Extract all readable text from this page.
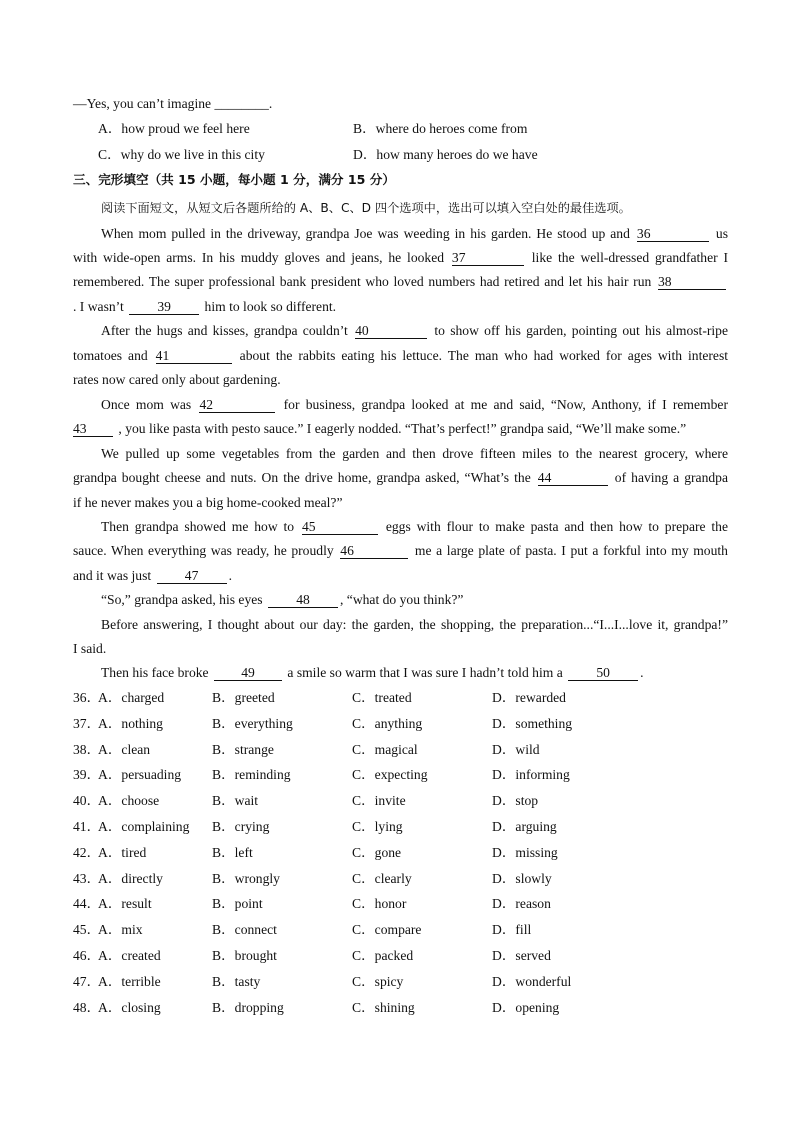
—Yes, you can’t imagine ________.
A．how proud we feel here	B．where do heroes come from
C．why do we live in this city	D．how many heroes do we have
三、完形填空（共 15 小题，每小题 1 分，满分 15 分）
阅读下面短文，从短文后各题所给的 A、B、C、D 四个选项中，选出可以填入空白处的最佳选项。
When mom pulled in the driveway, grandpa Joe was weeding in his garden. He stood up and 36	us
with wide-open arms. In his muddy gloves and jeans, he looked 37	like the well-dressed grandfather I
remembered. The super professional bank president who loved numbers had retired and let his hair run 38
. I wasn’t 39 him to look so different.
After the hugs and kisses, grandpa couldn’t 40	to show off his garden, pointing out his almost-ripe
tomatoes and 41	about the rabbits eating his lettuce. The man who had worked for ages with interest
rates now cared only about gardening.
Once mom was 42	for business, grandpa looked at me and said, “Now, Anthony, if I remember
43 , you like pasta with pesto sauce.” I eagerly nodded. “That’s perfect!” grandpa said, “We’ll make some.”
We pulled up some vegetables from the garden and then drove fifteen miles to the nearest grocery, where
grandpa bought cheese and nuts. On the drive home, grandpa asked, “What’s the 44	of having a grandpa
if he never makes you a big home-cooked meal?”
Then grandpa showed me how to 45	eggs with flour to make pasta and then how to prepare the
sauce. When everything was ready, he proudly 46	me a large plate of pasta. I put a forkful into my mouth
and it was just 47 .
“So,” grandpa asked, his eyes 48 , “what do you think?”
Before answering, I thought about our day: the garden, the shopping, the preparation...“I...I...love it, grandpa!”
I said.
Then his face broke 49 a smile so warm that I was sure I hadn’t told him a 50 .
36．
A．charged	B．greeted	C．treated	D．rewarded
37．
A．nothing	B．everything	C．anything	D．something
38．
A．clean	B．strange	C．magical	D．wild
39．
A．persuading B．reminding	C．expecting	D．informing
40．
A．choose	B．wait	C．invite	D．stop
41．
A．complaining B．crying	C．lying	D．arguing
42．
A．tired	B．left	C．gone	D．missing
43．
A．directly	B．wrongly	C．clearly	D．slowly
44．
A．result	B．point	C．honor	D．reason
45．
A．mix	B．connect	C．compare	D．fill
46．
A．created	B．brought	C．packed	D．served
47．
A．terrible	B．tasty	C．spicy	D．wonderful
48．
A．closing	B．dropping	C．shining	D．opening
